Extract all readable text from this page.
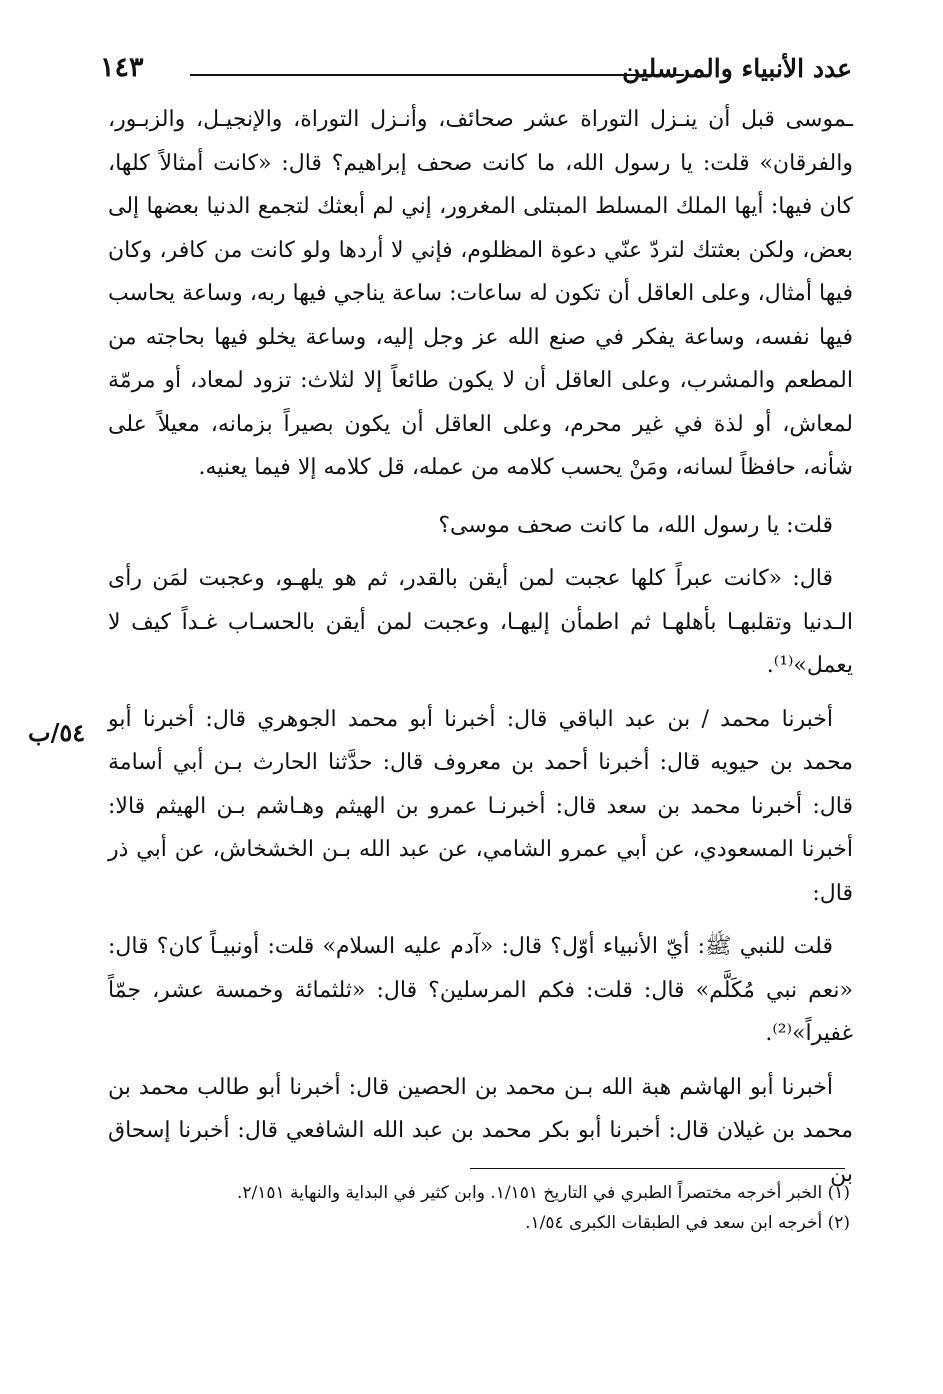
عدد الأنبياء والمرسلين
١٤٣

ـموسى قبل أن ينـزل التوراة عشر صحائف، وأنـزل التوراة، والإنجيـل، والزبـور، والفرقان» قلت: يا رسول الله، ما كانت صحف إبراهيم؟ قال: «كانت أمثالاً كلها، كان فيها: أيها الملك المسلط المبتلى المغرور، إني لم أبعثك لتجمع الدنيا بعضها إلى بعض، ولكن بعثتك لتردّ عنّي دعوة المظلوم، فإني لا أردها ولو كانت من كافر، وكان فيها أمثال، وعلى العاقل أن تكون له ساعات: ساعة يناجي فيها ربه، وساعة يحاسب فيها نفسه، وساعة يفكر في صنع الله عز وجل إليه، وساعة يخلو فيها بحاجته من المطعم والمشرب، وعلى العاقل أن لا يكون طائعاً إلا لثلاث: تزود لمعاد، أو مرمّة لمعاش، أو لذة في غير محرم، وعلى العاقل أن يكون بصيراً بزمانه، معيلاً على شأنه، حافظاً لسانه، ومَنْ يحسب كلامه من عمله، قل كلامه إلا فيما يعنيه.

قلت: يا رسول الله، ما كانت صحف موسى؟

قال: «كانت عبراً كلها عجبت لمن أيقن بالقدر، ثم هو يلهـو، وعجبت لمَن رأى الـدنيا وتقلبهـا بأهلهـا ثم اطمأن إليهـا، وعجبت لمن أيقن بالحسـاب غـداً كيف لا يعمل»⁽¹⁾.

أخبرنا محمد / بن عبد الباقي قال: أخبرنا أبو محمد الجوهري قال: أخبرنا أبو محمد بن حيويه قال: أخبرنا أحمد بن معروف قال: حدَّثنا الحارث بـن أبي أسامة قال: أخبرنا محمد بن سعد قال: أخبرنـا عمرو بن الهيثم وهـاشم بـن الهيثم قالا: أخبرنا المسعودي، عن أبي عمرو الشامي، عن عبد الله بـن الخشخاش، عن أبي ذر قال:

قلت للنبي ﷺ: أيّ الأنبياء أوّل؟ قال: «آدم عليه السلام» قلت: أونبيـاً كان؟ قال: «نعم نبي مُكَلَّم» قال: قلت: فكم المرسلين؟ قال: «ثلثمائة وخمسة عشر، جمّاً غفيراً»⁽²⁾.

أخبرنا أبو الهاشم هبة الله بـن محمد بن الحصين قال: أخبرنا أبو طالب محمد بن محمد بن غيلان قال: أخبرنا أبو بكر محمد بن عبد الله الشافعي قال: أخبرنا إسحاق بن

٥٤/ب

(١) الخبر أخرجه مختصراً الطبري في التاريخ ١/١٥١. وابن كثير في البداية والنهاية ٢/١٥١.

(٢) أخرجه ابن سعد في الطبقات الكبرى ١/٥٤.
